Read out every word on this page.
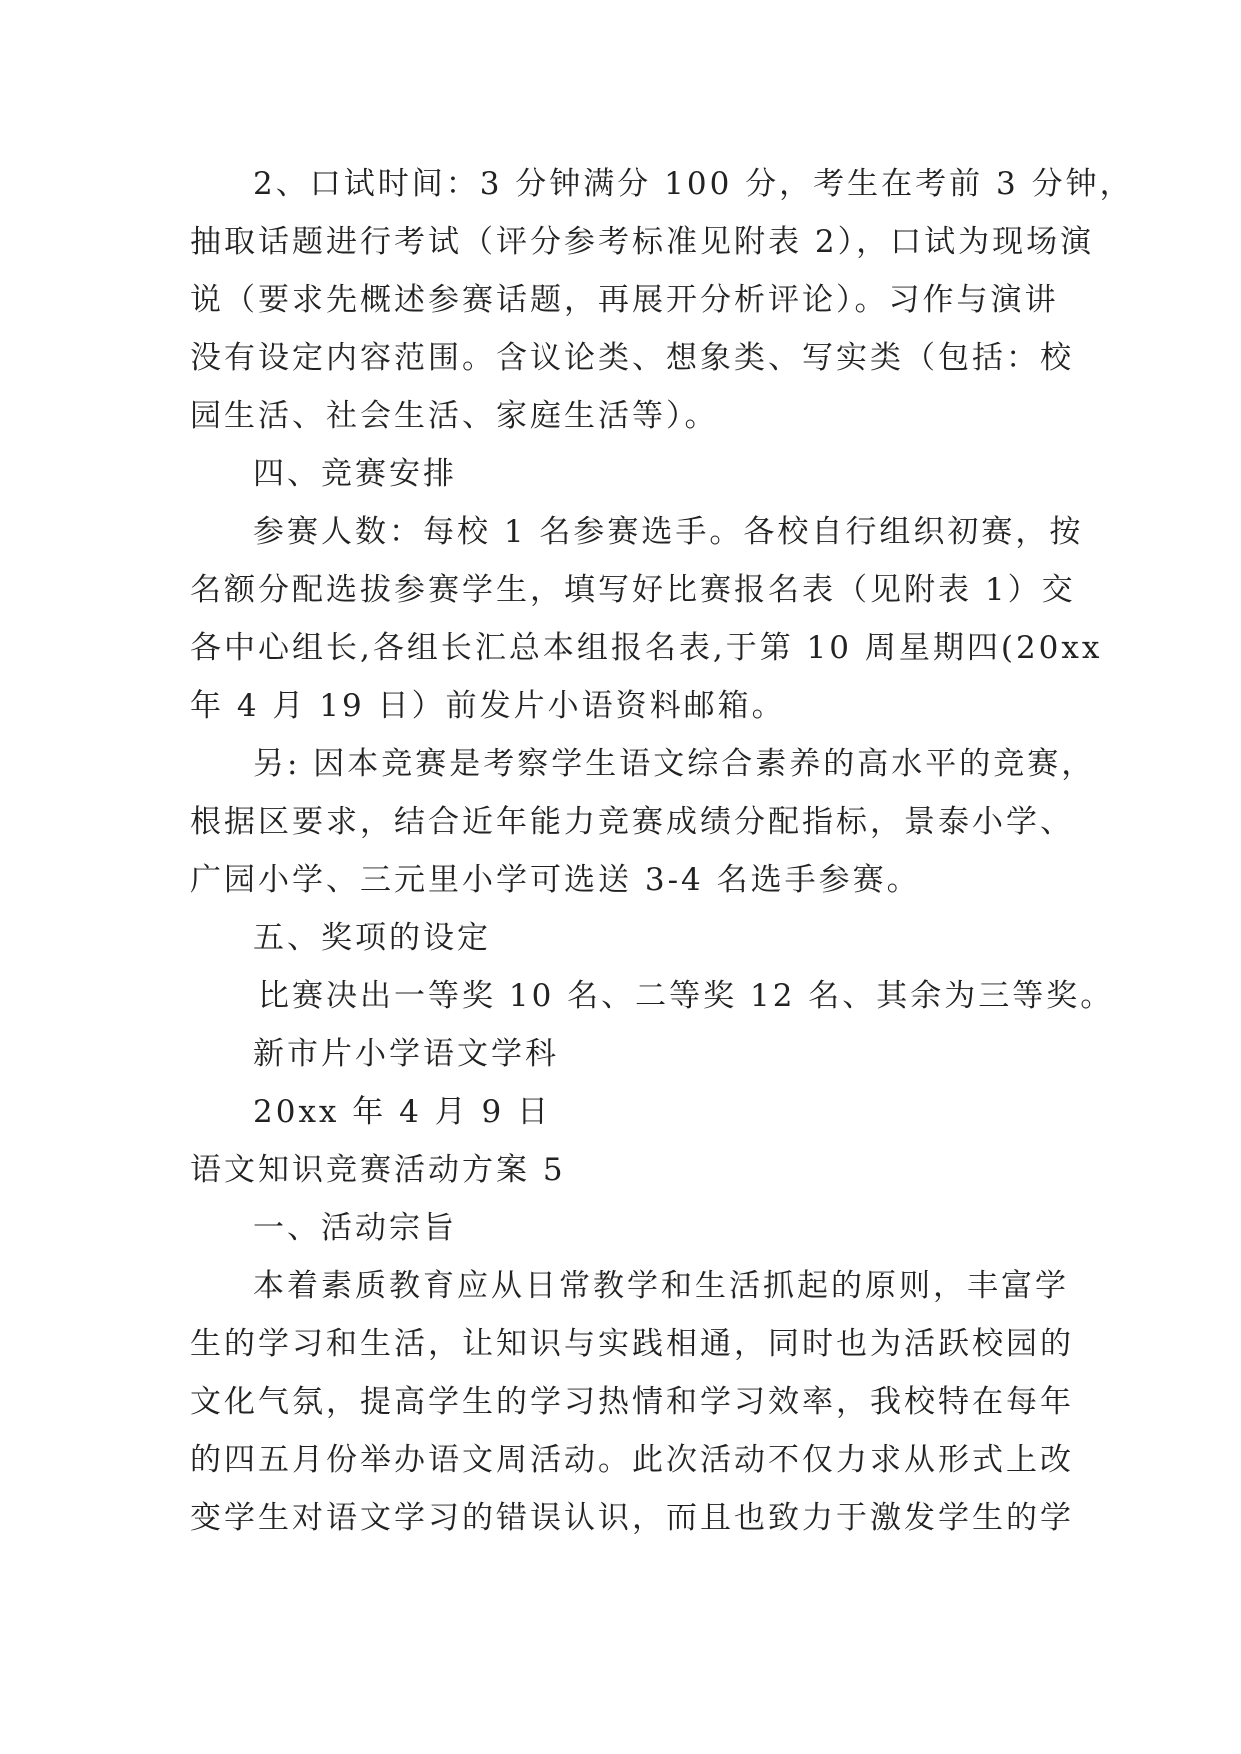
2、口试时间：3 分钟满分 100 分，考生在考前 3 分钟，
抽取话题进行考试（评分参考标准见附表 2），口试为现场演
说（要求先概述参赛话题，再展开分析评论）。习作与演讲
没有设定内容范围。含议论类、想象类、写实类（包括：校
园生活、社会生活、家庭生活等）。
四、竞赛安排
参赛人数：每校 1 名参赛选手。各校自行组织初赛，按
名额分配选拔参赛学生，填写好比赛报名表（见附表 1）交
各中心组长,各组长汇总本组报名表,于第 10 周星期四(20xx
年 4 月 19 日）前发片小语资料邮箱。
另: 因本竞赛是考察学生语文综合素养的高水平的竞赛，
根据区要求，结合近年能力竞赛成绩分配指标，景泰小学、
广园小学、三元里小学可选送 3-4 名选手参赛。
五、奖项的设定
比赛决出一等奖 10 名、二等奖 12 名、其余为三等奖。
新市片小学语文学科
20xx 年 4 月 9 日
语文知识竞赛活动方案 5
一、活动宗旨
本着素质教育应从日常教学和生活抓起的原则，丰富学
生的学习和生活，让知识与实践相通，同时也为活跃校园的
文化气氛，提高学生的学习热情和学习效率，我校特在每年
的四五月份举办语文周活动。此次活动不仅力求从形式上改
变学生对语文学习的错误认识，而且也致力于激发学生的学
